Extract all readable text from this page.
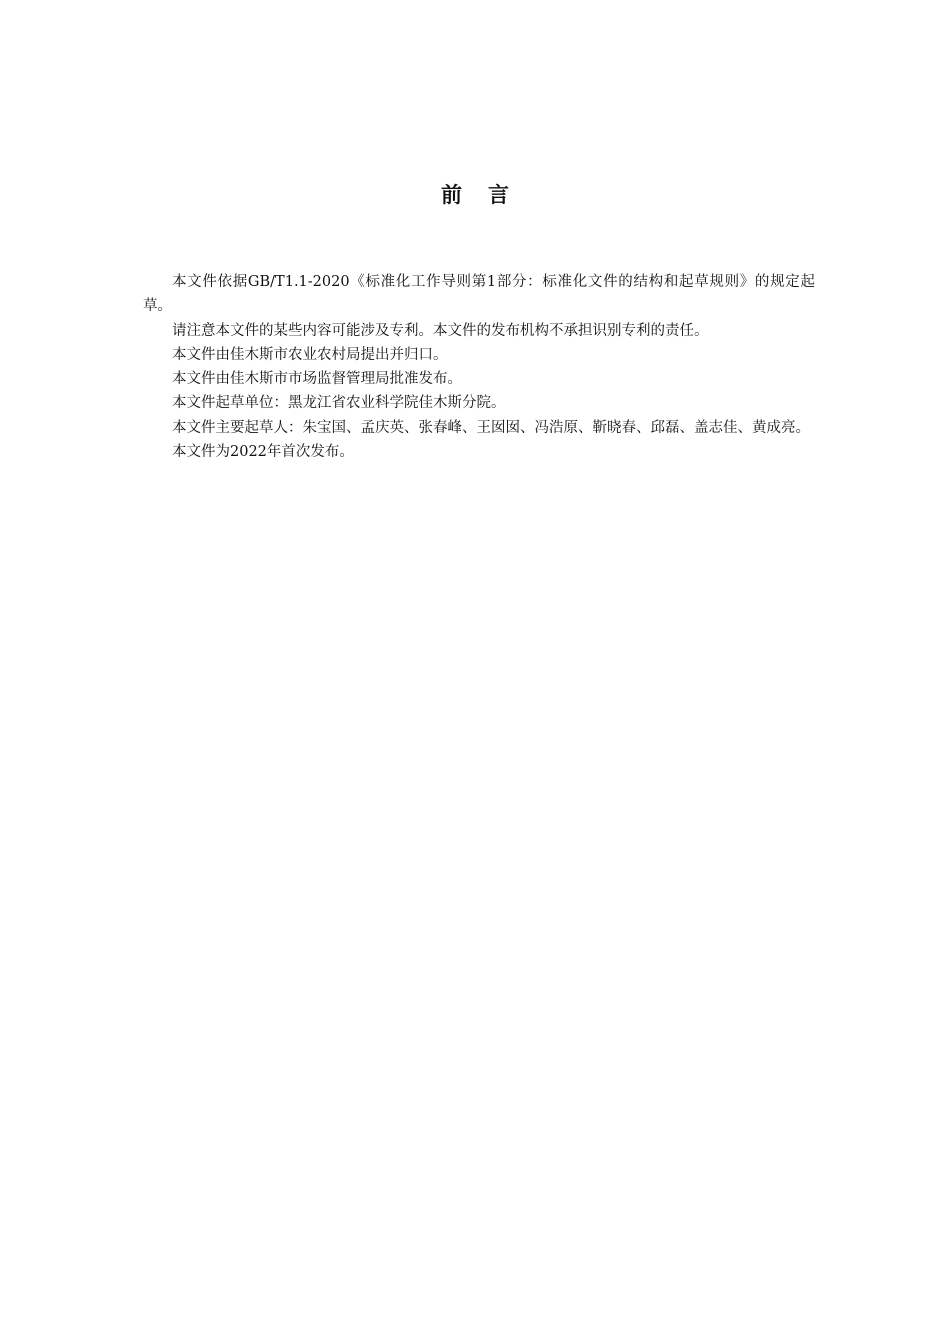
前言

本文件依据GB/T1.1-2020《标准化工作导则第1部分：标准化文件的结构和起草规则》的规定起草。

请注意本文件的某些内容可能涉及专利。本文件的发布机构不承担识别专利的责任。

本文件由佳木斯市农业农村局提出并归口。

本文件由佳木斯市市场监督管理局批准发布。

本文件起草单位：黑龙江省农业科学院佳木斯分院。

本文件主要起草人：朱宝国、孟庆英、张春峰、王囡囡、冯浩原、靳晓春、邱磊、盖志佳、黄成亮。

本文件为2022年首次发布。
